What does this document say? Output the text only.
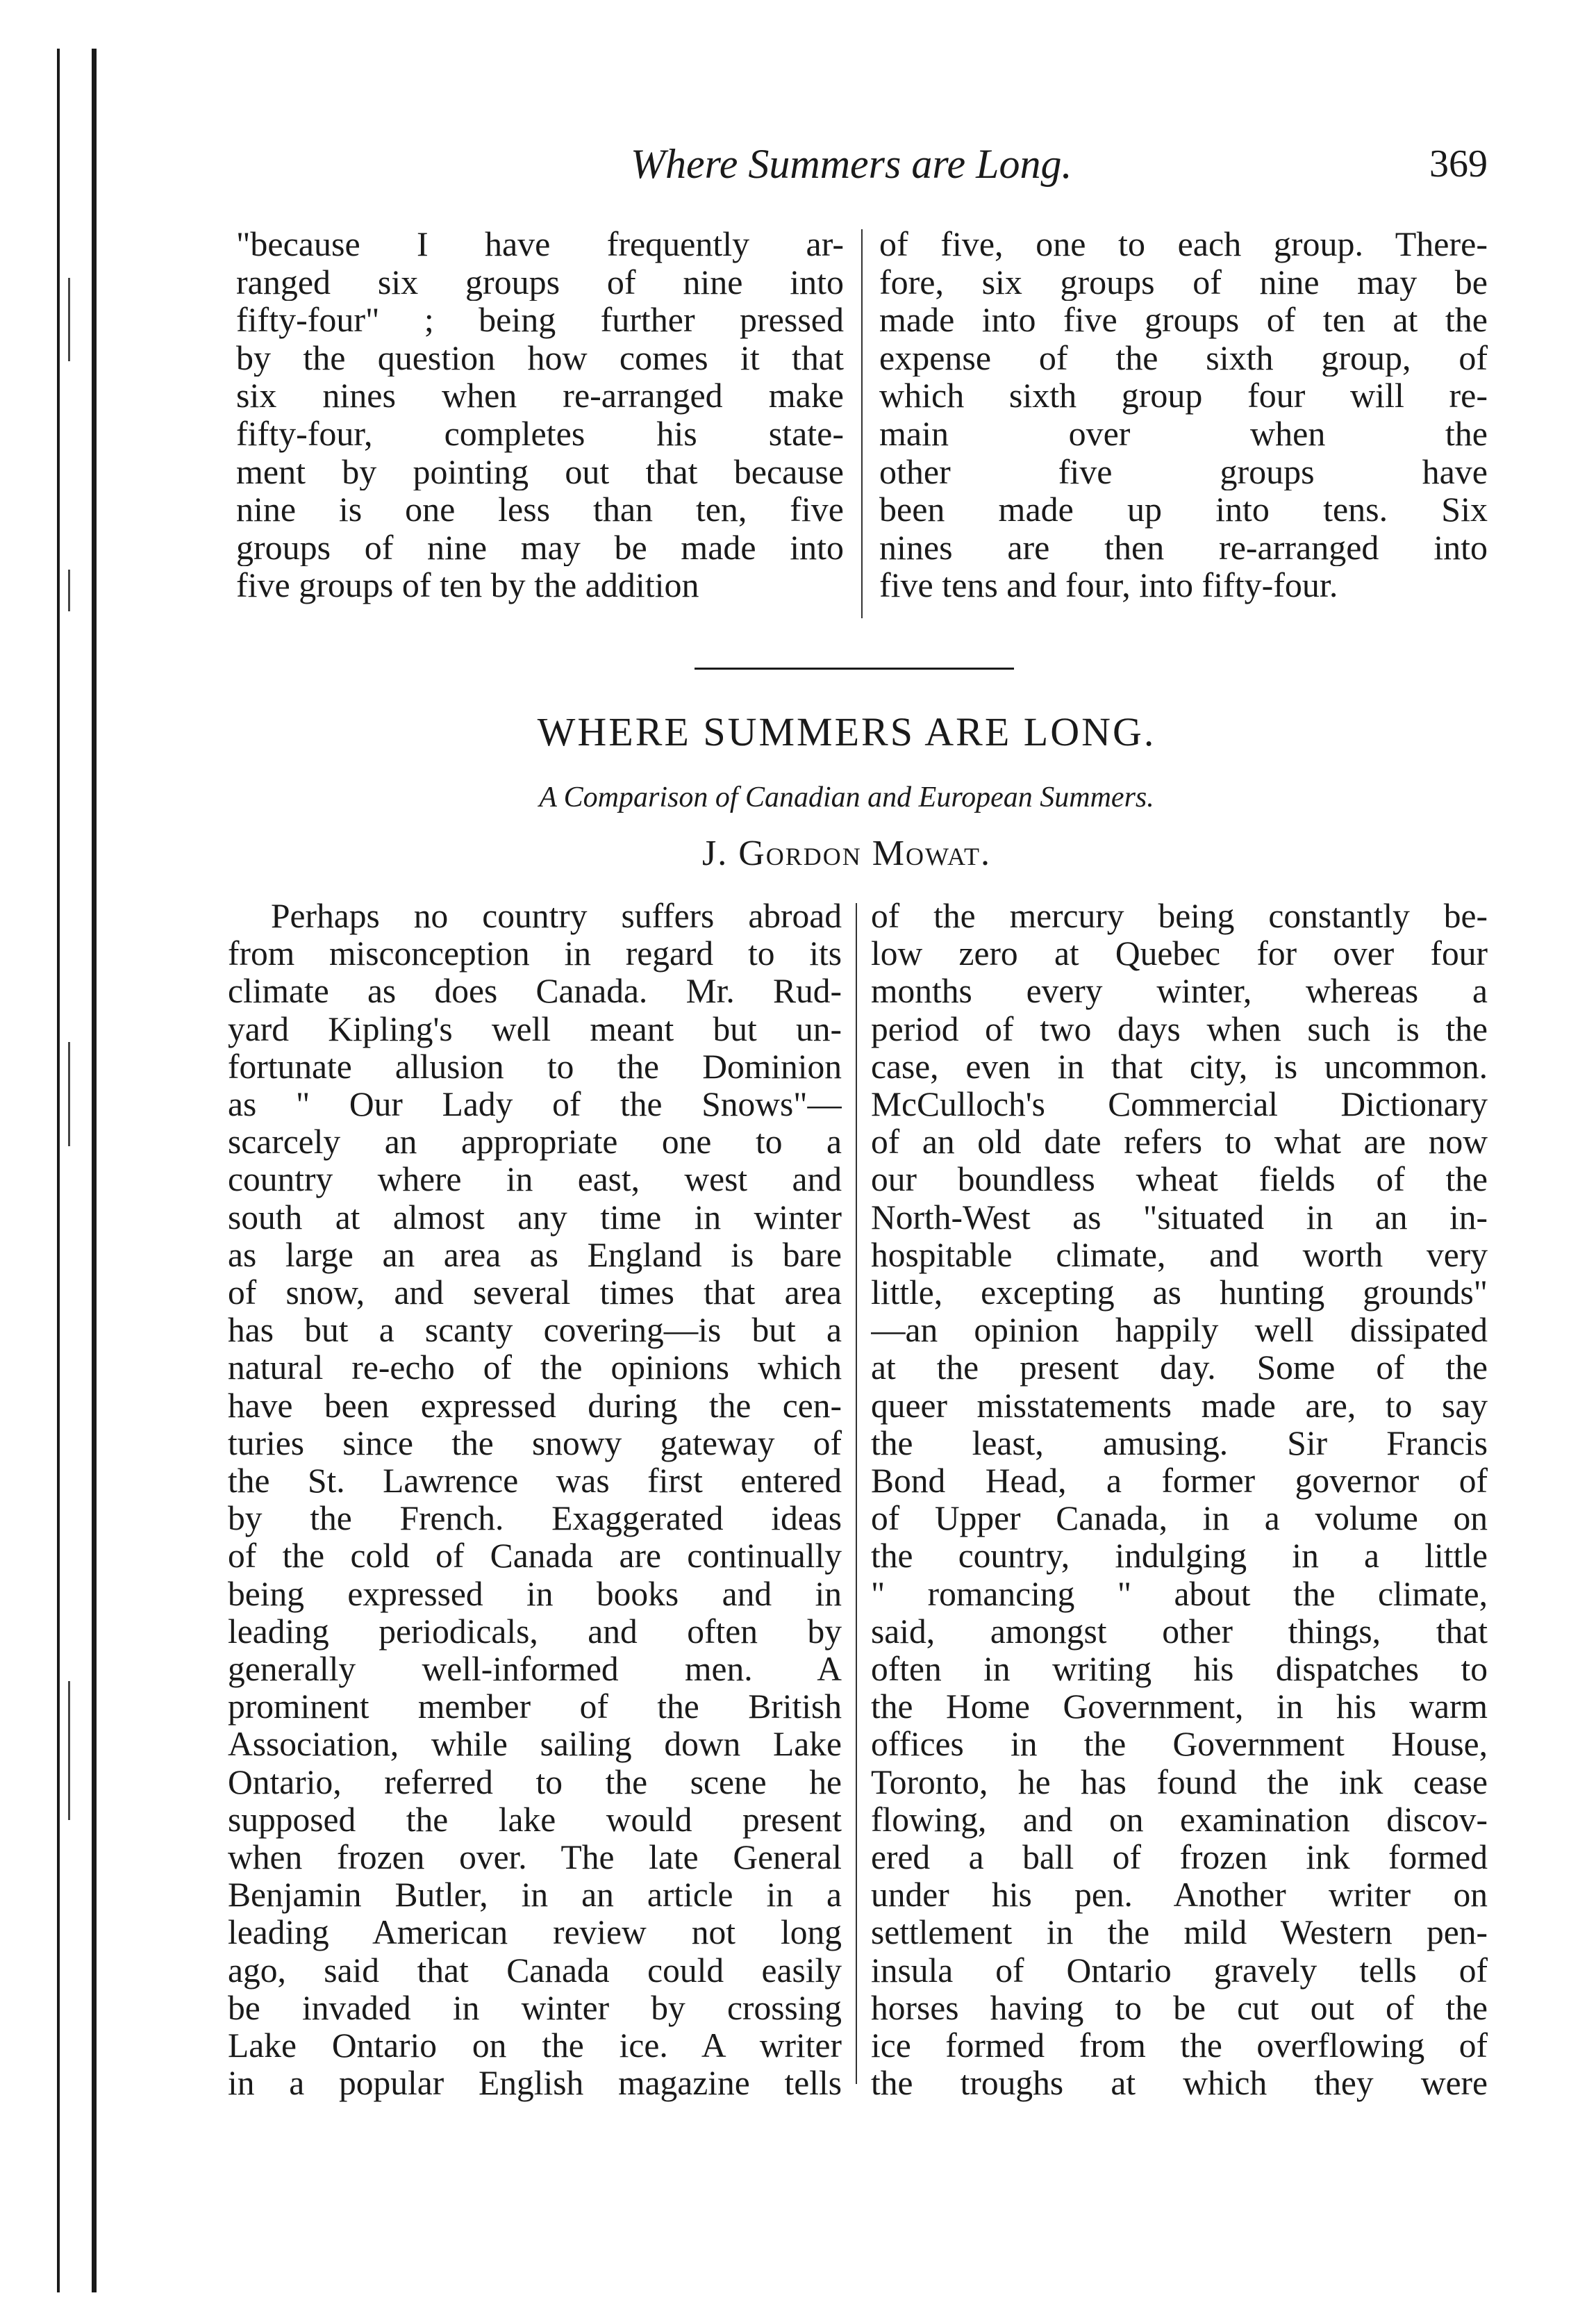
Where Summers are Long.	369
"because I have frequently ar-
ranged six groups of nine into
fifty-four" ; being further pressed
by the question how comes it that
six nines when re-arranged make
fifty-four, completes his state-
ment by pointing out that because
nine is one less than ten, five
groups of nine may be made into
five groups of ten by the addition
of five, one to each group. There-
fore, six groups of nine may be
made into five groups of ten at the
expense of the sixth group, of
which sixth group four will re-
main over when the
other five groups have
been made up into tens. Six
nines are then re-arranged into
five tens and four, into fifty-four.
WHERE SUMMERS ARE LONG.
A Comparison of Canadian and European Summers.
J. Gordon Mowat.
Perhaps no country suffers abroad
from misconception in regard to its
climate as does Canada. Mr. Rud-
yard Kipling's well meant but un-
fortunate allusion to the Dominion
as " Our Lady of the Snows"—
scarcely an appropriate one to a
country where in east, west and
south at almost any time in winter
as large an area as England is bare
of snow, and several times that area
has but a scanty covering—is but a
natural re-echo of the opinions which
have been expressed during the cen-
turies since the snowy gateway of
the St. Lawrence was first entered
by the French. Exaggerated ideas
of the cold of Canada are continually
being expressed in books and in
leading periodicals, and often by
generally well-informed men. A
prominent member of the British
Association, while sailing down Lake
Ontario, referred to the scene he
supposed the lake would present
when frozen over. The late General
Benjamin Butler, in an article in a
leading American review not long
ago, said that Canada could easily
be invaded in winter by crossing
Lake Ontario on the ice. A writer
in a popular English magazine tells
of the mercury being constantly be-
low zero at Quebec for over four
months every winter, whereas a
period of two days when such is the
case, even in that city, is uncommon.
McCulloch's Commercial Dictionary
of an old date refers to what are now
our boundless wheat fields of the
North-West as "situated in an in-
hospitable climate, and worth very
little, excepting as hunting grounds"
—an opinion happily well dissipated
at the present day. Some of the
queer misstatements made are, to say
the least, amusing. Sir Francis
Bond Head, a former governor of
of Upper Canada, in a volume on
the country, indulging in a little
" romancing " about the climate,
said, amongst other things, that
often in writing his dispatches to
the Home Government, in his warm
offices in the Government House,
Toronto, he has found the ink cease
flowing, and on examination discov-
ered a ball of frozen ink formed
under his pen. Another writer on
settlement in the mild Western pen-
insula of Ontario gravely tells of
horses having to be cut out of the
ice formed from the overflowing of
the troughs at which they were
